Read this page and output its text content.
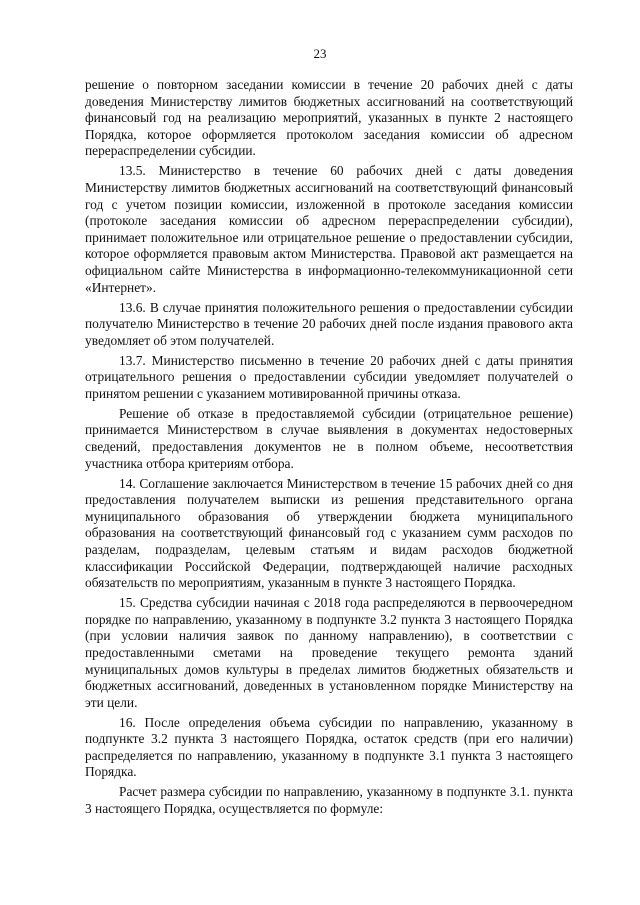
23

решение о повторном заседании комиссии в течение 20 рабочих дней с даты доведения Министерству лимитов бюджетных ассигнований на соответствующий финансовый год на реализацию мероприятий, указанных в пункте 2 настоящего Порядка, которое оформляется протоколом заседания комиссии об адресном перераспределении субсидии.

13.5. Министерство в течение 60 рабочих дней с даты доведения Министерству лимитов бюджетных ассигнований на соответствующий финансовый год с учетом позиции комиссии, изложенной в протоколе заседания комиссии (протоколе заседания комиссии об адресном перераспределении субсидии), принимает положительное или отрицательное решение о предоставлении субсидии, которое оформляется правовым актом Министерства. Правовой акт размещается на официальном сайте Министерства в информационно-телекоммуникационной сети «Интернет».

13.6. В случае принятия положительного решения о предоставлении субсидии получателю Министерство в течение 20 рабочих дней после издания правового акта уведомляет об этом получателей.

13.7. Министерство письменно в течение 20 рабочих дней с даты принятия отрицательного решения о предоставлении субсидии уведомляет получателей о принятом решении с указанием мотивированной причины отказа.

Решение об отказе в предоставляемой субсидии (отрицательное решение) принимается Министерством в случае выявления в документах недостоверных сведений, предоставления документов не в полном объеме, несоответствия участника отбора критериям отбора.

14. Соглашение заключается Министерством в течение 15 рабочих дней со дня предоставления получателем выписки из решения представительного органа муниципального образования об утверждении бюджета муниципального образования на соответствующий финансовый год с указанием сумм расходов по разделам, подразделам, целевым статьям и видам расходов бюджетной классификации Российской Федерации, подтверждающей наличие расходных обязательств по мероприятиям, указанным в пункте 3 настоящего Порядка.

15. Средства субсидии начиная с 2018 года распределяются в первоочередном порядке по направлению, указанному в подпункте 3.2 пункта 3 настоящего Порядка (при условии наличия заявок по данному направлению), в соответствии с предоставленными сметами на проведение текущего ремонта зданий муниципальных домов культуры в пределах лимитов бюджетных обязательств и бюджетных ассигнований, доведенных в установленном порядке Министерству на эти цели.

16. После определения объема субсидии по направлению, указанному в подпункте 3.2 пункта 3 настоящего Порядка, остаток средств (при его наличии) распределяется по направлению, указанному в подпункте 3.1 пункта 3 настоящего Порядка.

Расчет размера субсидии по направлению, указанному в подпункте 3.1. пункта 3 настоящего Порядка, осуществляется по формуле:
